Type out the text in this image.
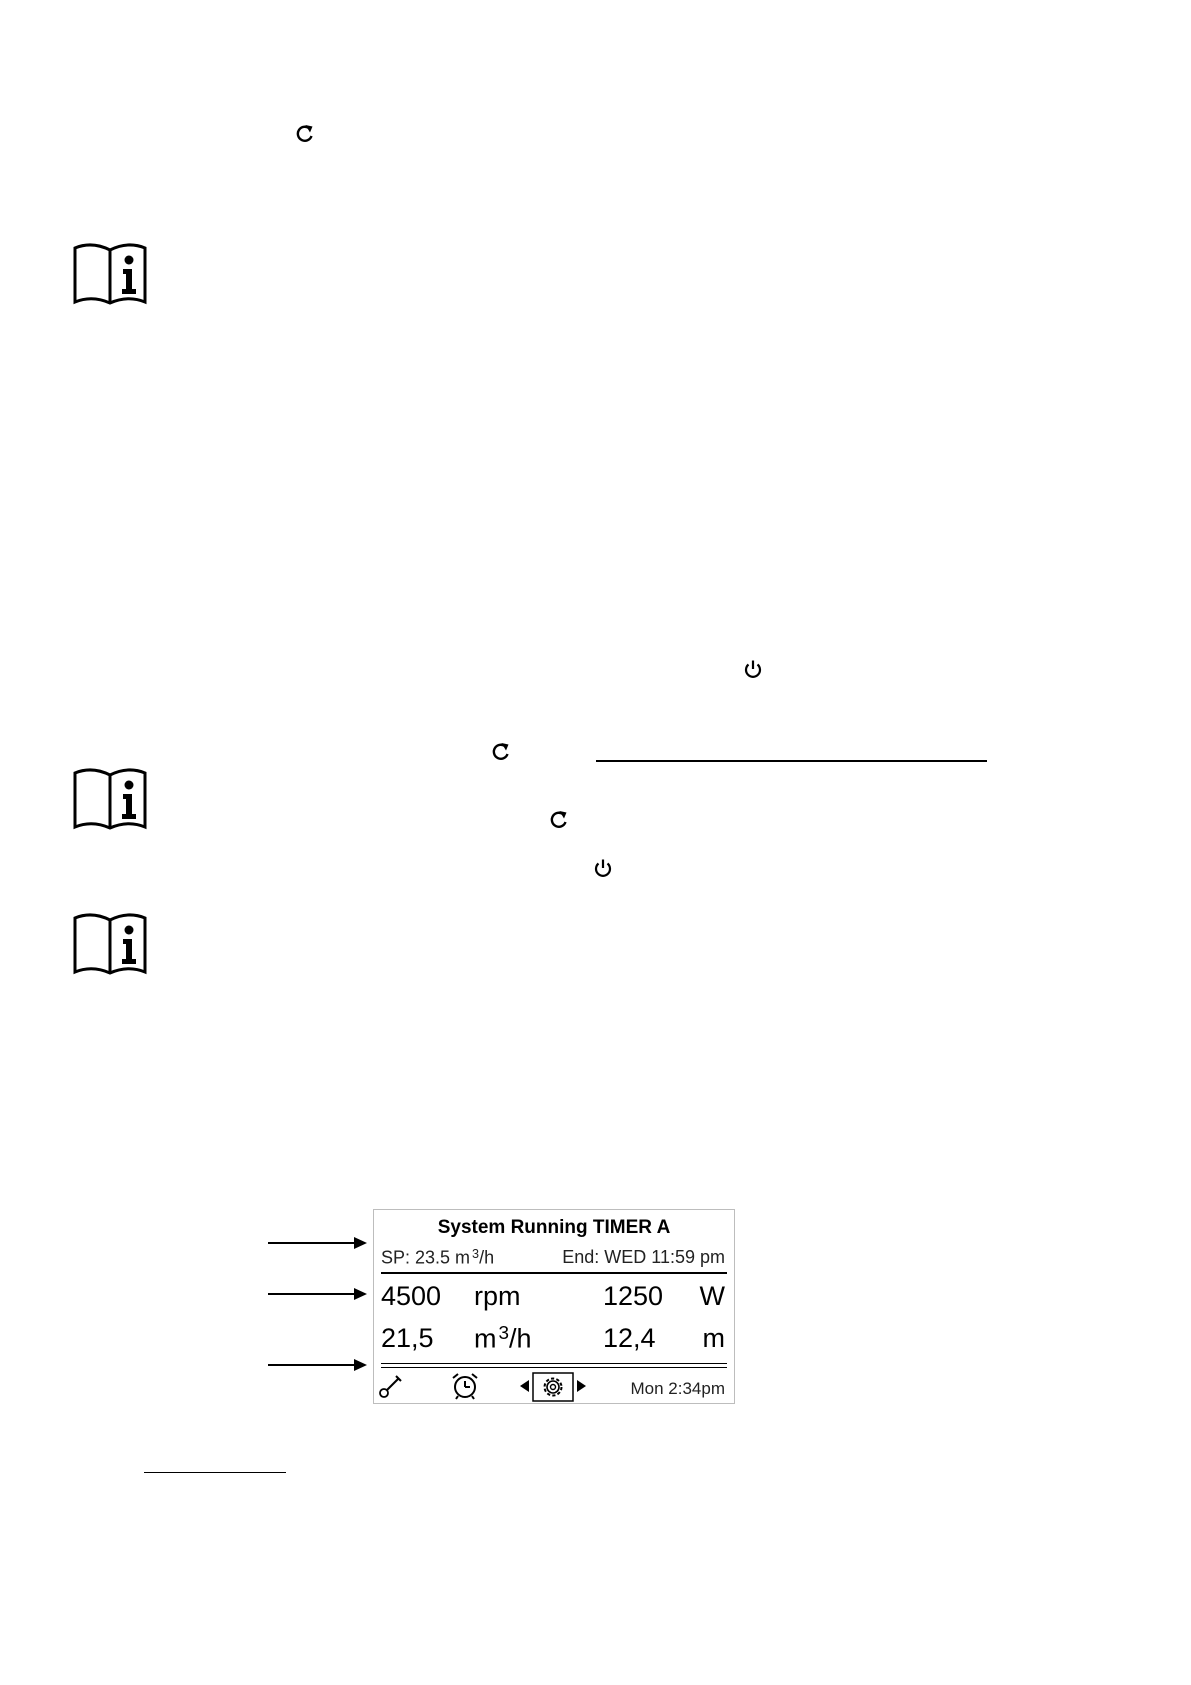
System Running TIMER A
SP: 23.5 m $^3$/h	End: WED 11:59 pm
4500 rpm	1250 W
21,5 m $^3$/h	12,4 m
Mon 2:34pm
